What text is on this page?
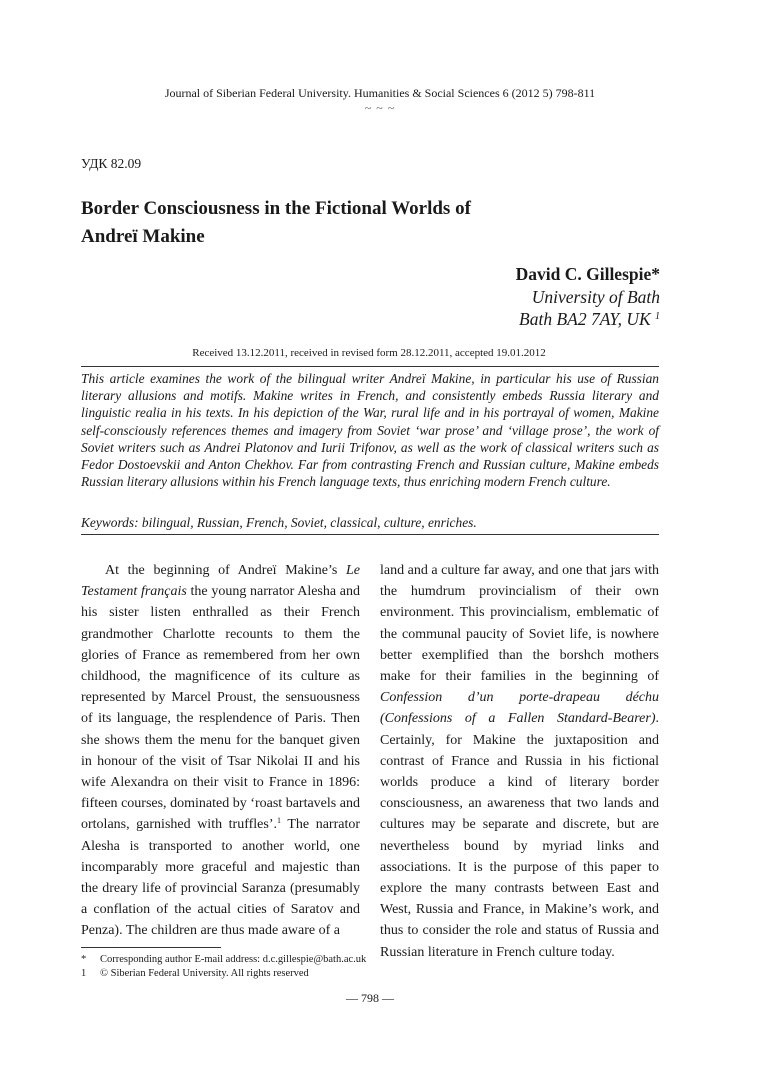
Journal of Siberian Federal University. Humanities & Social Sciences 6 (2012 5) 798-811
~ ~ ~
УДК 82.09
Border Consciousness in the Fictional Worlds of Andreï Makine
David C. Gillespie*
University of Bath
Bath BA2 7AY, UK $^1$
Received 13.12.2011, received in revised form 28.12.2011, accepted 19.01.2012
This article examines the work of the bilingual writer Andreï Makine, in particular his use of Russian literary allusions and motifs. Makine writes in French, and consistently embeds Russia literary and linguistic realia in his texts. In his depiction of the War, rural life and in his portrayal of women, Makine self-consciously references themes and imagery from Soviet ‘war prose’ and ‘village prose’, the work of Soviet writers such as Andrei Platonov and Iurii Trifonov, as well as the work of classical writers such as Fedor Dostoevskii and Anton Chekhov. Far from contrasting French and Russian culture, Makine embeds Russian literary allusions within his French language texts, thus enriching modern French culture.
Keywords: bilingual, Russian, French, Soviet, classical, culture, enriches.
At the beginning of Andreï Makine’s Le Testament français the young narrator Alesha and his sister listen enthralled as their French grandmother Charlotte recounts to them the glories of France as remembered from her own childhood, the magnificence of its culture as represented by Marcel Proust, the sensuousness of its language, the resplendence of Paris. Then she shows them the menu for the banquet given in honour of the visit of Tsar Nikolai II and his wife Alexandra on their visit to France in 1896: fifteen courses, dominated by ‘roast bartavels and ortolans, garnished with truffles’.$^1$ The narrator Alesha is transported to another world, one incomparably more graceful and majestic than the dreary life of provincial Saranza (presumably a conflation of the actual cities of Saratov and Penza). The children are thus made aware of a
land and a culture far away, and one that jars with the humdrum provincialism of their own environment. This provincialism, emblematic of the communal paucity of Soviet life, is nowhere better exemplified than the borshch mothers make for their families in the beginning of Confession d’un porte-drapeau déchu (Confessions of a Fallen Standard-Bearer). Certainly, for Makine the juxtaposition and contrast of France and Russia in his fictional worlds produce a kind of literary border consciousness, an awareness that two lands and cultures may be separate and discrete, but are nevertheless bound by myriad links and associations. It is the purpose of this paper to explore the many contrasts between East and West, Russia and France, in Makine’s work, and thus to consider the role and status of Russia and Russian literature in French culture today.
* Corresponding author E-mail address: d.c.gillespie@bath.ac.uk
1 © Siberian Federal University. All rights reserved
— 798 —
